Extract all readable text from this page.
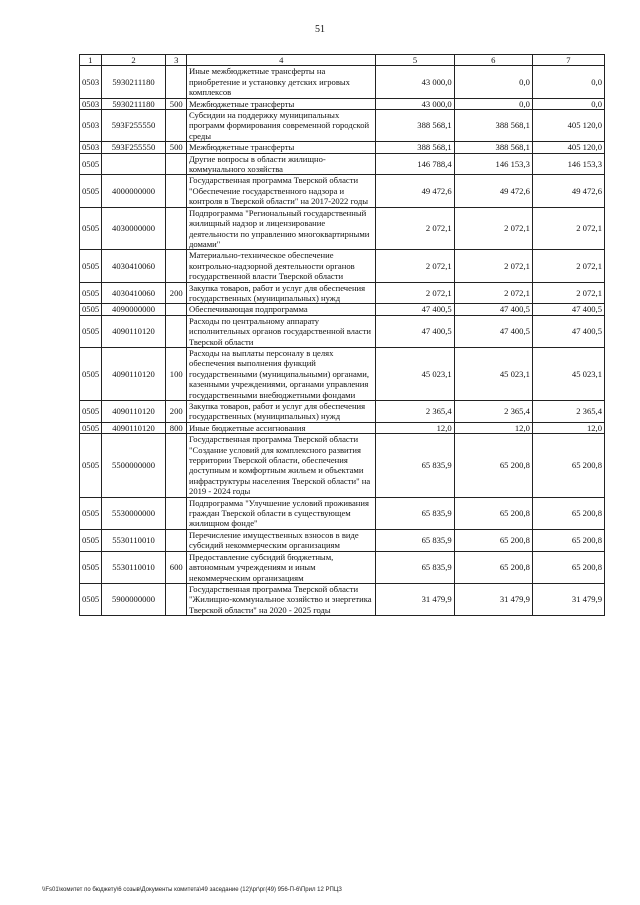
51
1	2	3	4	5	6	7
0503	5930211180		Иные межбюджетные трансферты на приобретение и установку детских игровых комплексов	43 000,0	0,0	0,0
0503	5930211180	500	Межбюджетные трансферты	43 000,0	0,0	0,0
0503	593F255550		Субсидии на поддержку муниципальных программ формирования современной городской среды	388 568,1	388 568,1	405 120,0
0503	593F255550	500	Межбюджетные трансферты	388 568,1	388 568,1	405 120,0
0505			Другие вопросы в области жилищно-коммунального хозяйства	146 788,4	146 153,3	146 153,3
0505	4000000000		Государственная программа Тверской области "Обеспечение государственного надзора и контроля в Тверской области" на 2017-2022 годы	49 472,6	49 472,6	49 472,6
0505	4030000000		Подпрограмма "Региональный государственный жилищный надзор и лицензирование деятельности по управлению многоквартирными домами"	2 072,1	2 072,1	2 072,1
0505	4030410060		Материально-техническое обеспечение контрольно-надзорной деятельности органов государственной власти Тверской области	2 072,1	2 072,1	2 072,1
0505	4030410060	200	Закупка товаров, работ и услуг для обеспечения государственных (муниципальных) нужд	2 072,1	2 072,1	2 072,1
0505	4090000000		Обеспечивающая подпрограмма	47 400,5	47 400,5	47 400,5
0505	4090110120		Расходы по центральному аппарату исполнительных органов государственной власти Тверской области	47 400,5	47 400,5	47 400,5
0505	4090110120	100	Расходы на выплаты персоналу в целях обеспечения выполнения функций государственными (муниципальными) органами, казенными учреждениями, органами управления государственными внебюджетными фондами	45 023,1	45 023,1	45 023,1
0505	4090110120	200	Закупка товаров, работ и услуг для обеспечения государственных (муниципальных) нужд	2 365,4	2 365,4	2 365,4
0505	4090110120	800	Иные бюджетные ассигнования	12,0	12,0	12,0
0505	5500000000		Государственная программа Тверской области "Создание условий для комплексного развития территории Тверской области, обеспечения доступным и комфортным жильем и объектами инфраструктуры населения Тверской области" на 2019 - 2024 годы	65 835,9	65 200,8	65 200,8
0505	5530000000		Подпрограмма "Улучшение условий проживания граждан Тверской области в существующем жилищном фонде"	65 835,9	65 200,8	65 200,8
0505	5530110010		Перечисление имущественных взносов в виде субсидий некоммерческим организациям	65 835,9	65 200,8	65 200,8
0505	5530110010	600	Предоставление субсидий бюджетным, автономным учреждениям и иным некоммерческим организациям	65 835,9	65 200,8	65 200,8
0505	5900000000		Государственная программа Тверской области "Жилищно-коммунальное хозяйство и энергетика Тверской области" на 2020 - 2025 годы	31 479,9	31 479,9	31 479,9
\\Fs01\комитет по бюджету\6 созыв\Документы комитета\49 заседание (12)\рг\рг(49) 956-П-6\Прил 12 РПЦЗ
